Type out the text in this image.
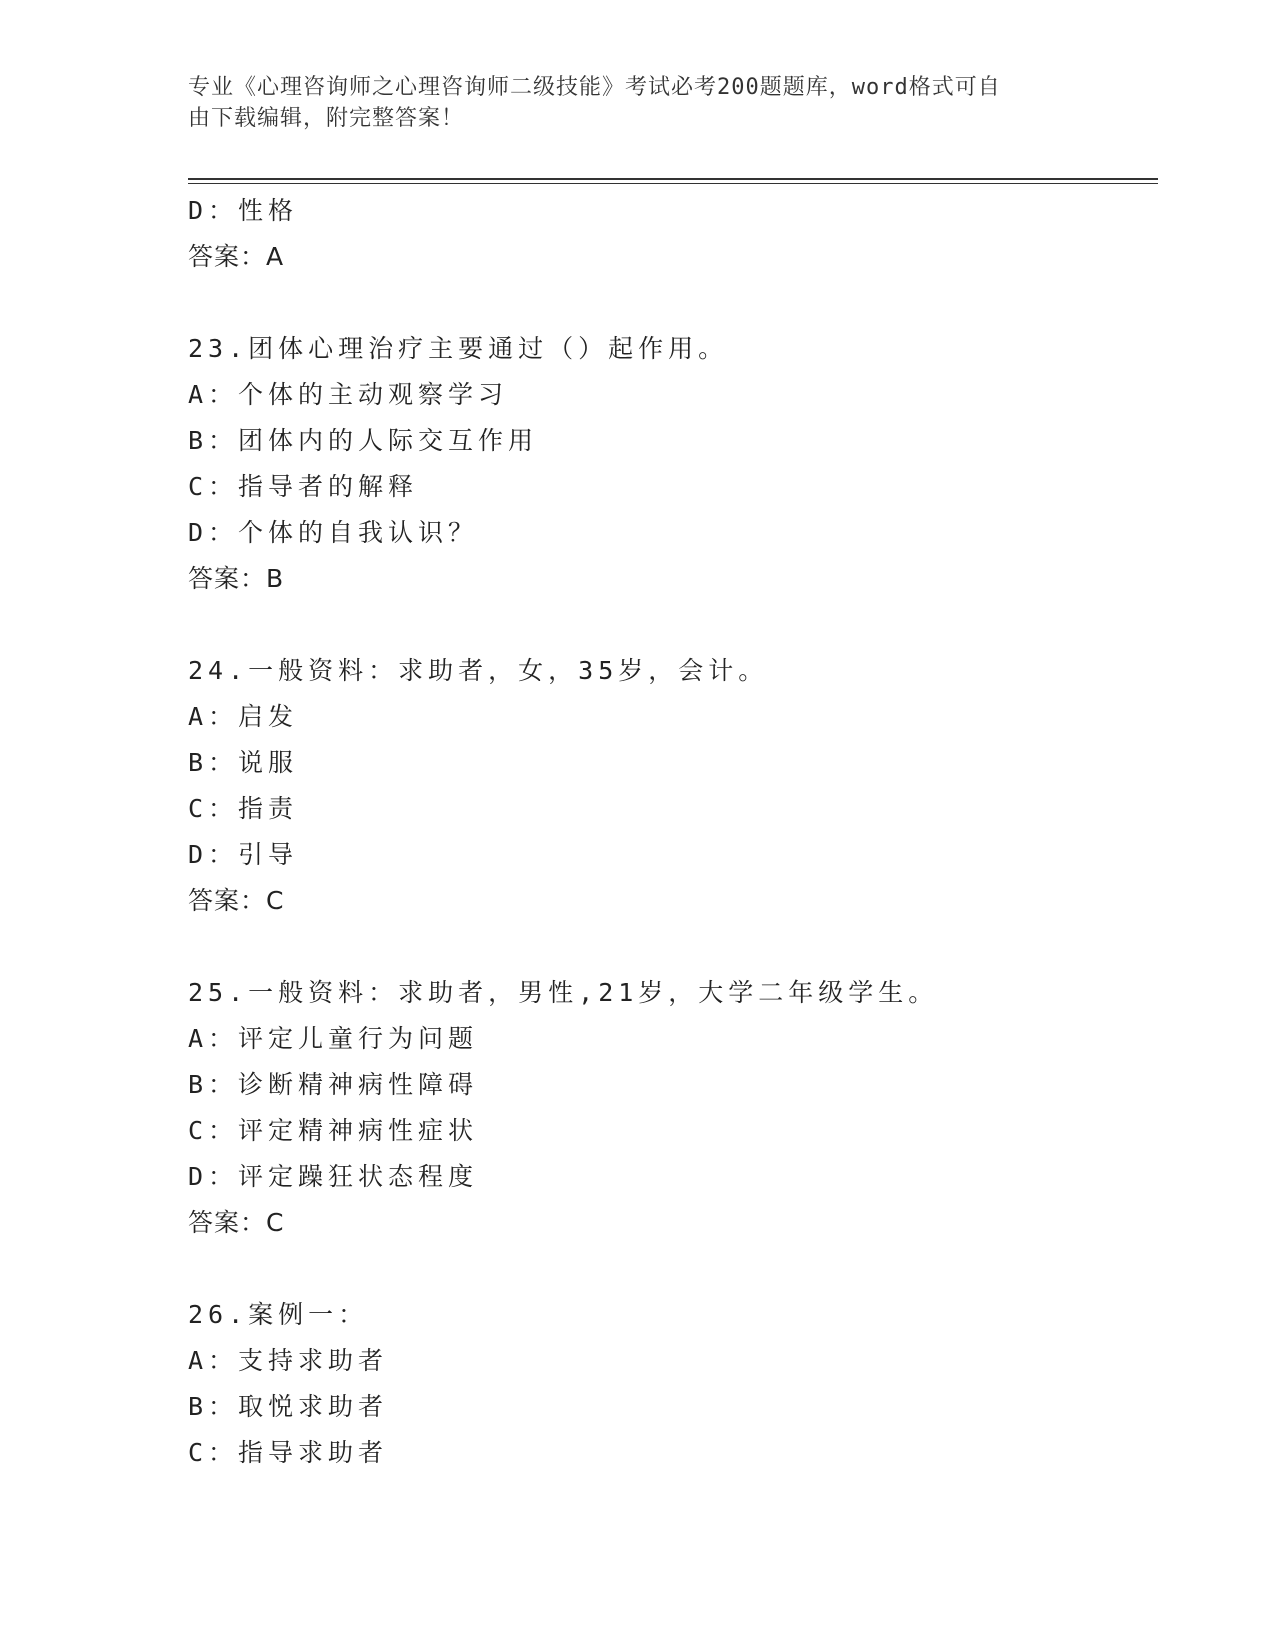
专业《心理咨询师之心理咨询师二级技能》考试必考200题题库，word格式可自
由下载编辑，附完整答案！
D：性格
答案：A
23.团体心理治疗主要通过（）起作用。
A：个体的主动观察学习
B：团体内的人际交互作用
C：指导者的解释
D：个体的自我认识？
答案：B
24.一般资料：求助者，女，35岁，会计。
A：启发
B：说服
C：指责
D：引导
答案：C
25.一般资料：求助者，男性,21岁，大学二年级学生。
A：评定儿童行为问题
B：诊断精神病性障碍
C：评定精神病性症状
D：评定躁狂状态程度
答案：C
26.案例一：
A：支持求助者
B：取悦求助者
C：指导求助者
